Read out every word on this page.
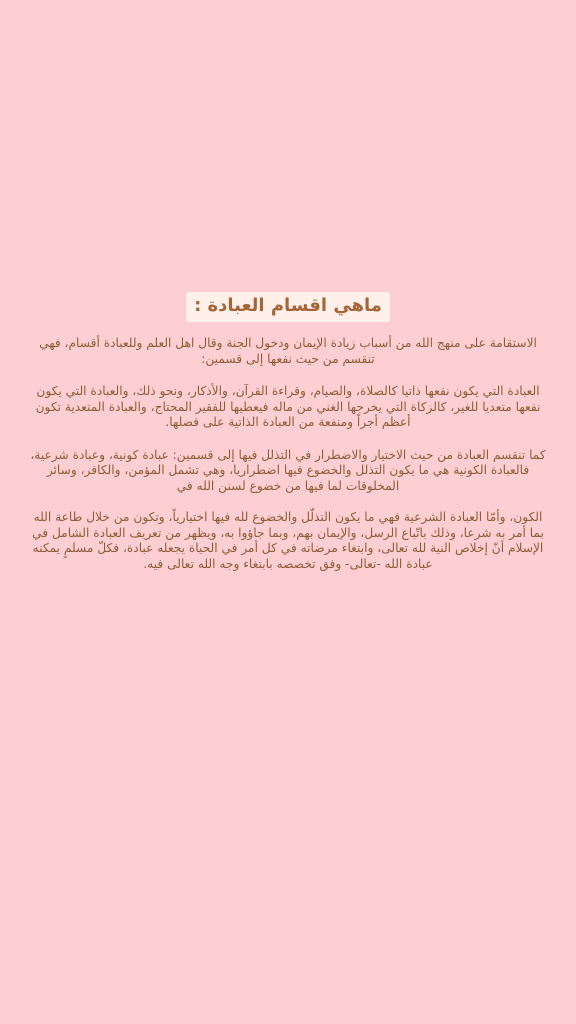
ماهي اقسام العبادة :

الاستقامة على منهج الله من أسباب زيادة الإيمان ودخول الجنة وقال اهل العلم وللعبادة أقسام، فهي تنقسم من حيث نفعها إلى قسمين:

العبادة التي يكون نفعها ذاتيا كالصلاة، والصيام، وقراءة القرآن، والأذكار، ونحو ذلك، والعبادة التي يكون نفعها متعديا للغير، كالزكاة التي يخرجها الغني من ماله فيعطيها للفقير المحتاج، والعبادة المتعدية تكون أعظم أجراً ومنفعة من العبادة الذاتية على فضلها.

كما تنقسم العبادة من حيث الاختيار والاضطرار في التذلل فيها إلى قسمين: عبادة كونية، وعبادة شرعية، فالعبادة الكونية هي ما يكون التذلل والخضوع فيها اضطراريا، وهي تشمل المؤمن، والكافر، وسائر المخلوقات لما فيها من خضوع لسنن الله في

الكون، وأمّا العبادة الشرعية فهي ما يكون التذلّل والخضوع لله فيها اختيارياً، وتكون من خلال طاعة الله بما أمر به شرعا، وذلك باتّباع الرسل، والإيمان بهم، وبما جاؤوا به، ويظهر من تعريف العبادة الشامل في الإسلام أنّ إخلاص النية لله تعالى، وابتغاء مرضاته في كل أمر في الحياة يجعله عبادة، فكلّ مسلمٍ يمكنه عبادة الله -تعالى- وفق تخصصه بابتغاء وجه الله تعالى فيه.
